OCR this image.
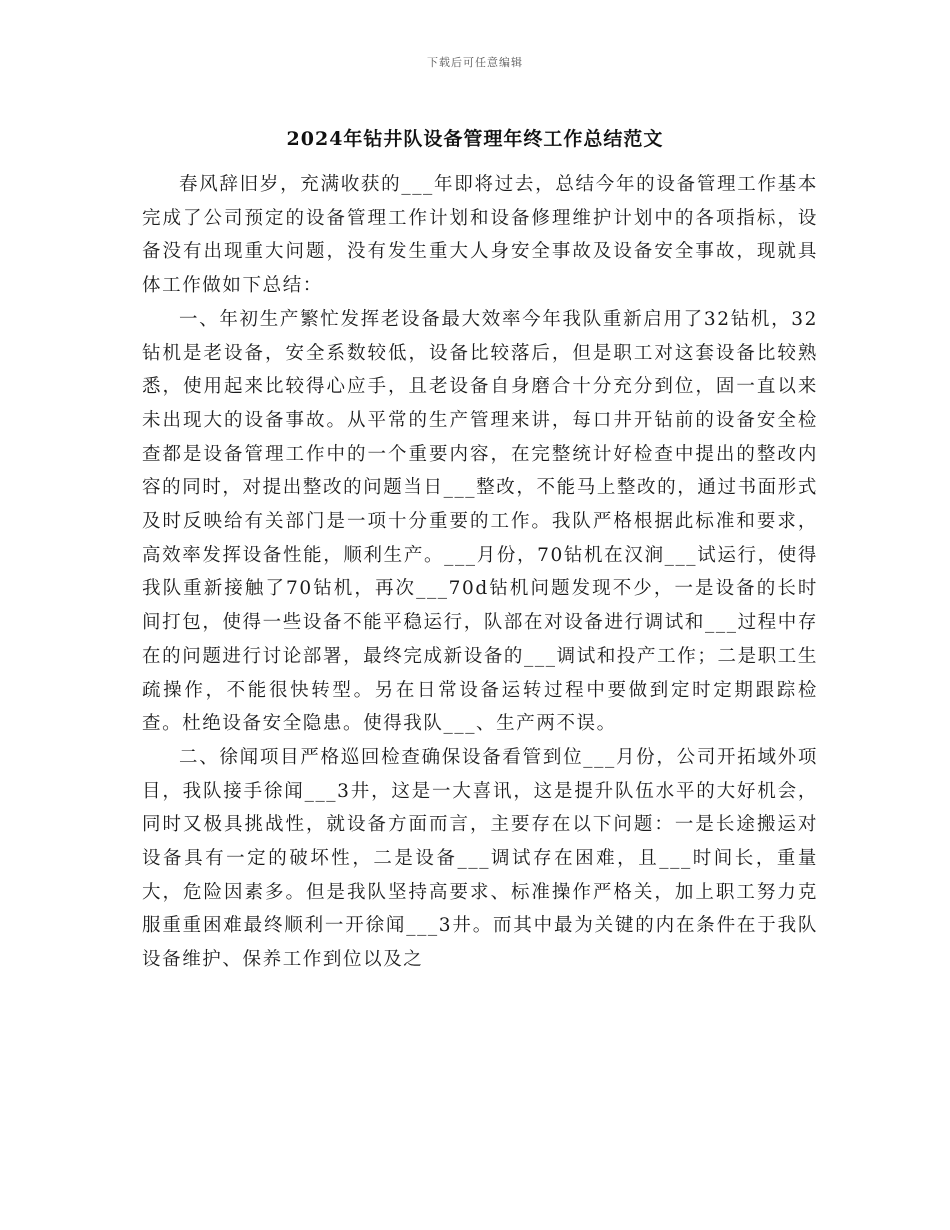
下载后可任意编辑
2024年钻井队设备管理年终工作总结范文

春风辞旧岁，充满收获的___年即将过去，总结今年的设备管理工作基本完成了公司预定的设备管理工作计划和设备修理维护计划中的各项指标，设备没有出现重大问题，没有发生重大人身安全事故及设备安全事故，现就具体工作做如下总结：

一、年初生产繁忙发挥老设备最大效率今年我队重新启用了32钻机，32钻机是老设备，安全系数较低，设备比较落后，但是职工对这套设备比较熟悉，使用起来比较得心应手，且老设备自身磨合十分充分到位，固一直以来未出现大的设备事故。从平常的生产管理来讲，每口井开钻前的设备安全检查都是设备管理工作中的一个重要内容，在完整统计好检查中提出的整改内容的同时，对提出整改的问题当日___整改，不能马上整改的，通过书面形式及时反映给有关部门是一项十分重要的工作。我队严格根据此标准和要求，高效率发挥设备性能，顺利生产。___月份，70钻机在汉涧___试运行，使得我队重新接触了70钻机，再次___70d钻机问题发现不少，一是设备的长时间打包，使得一些设备不能平稳运行，队部在对设备进行调试和___过程中存在的问题进行讨论部署，最终完成新设备的___调试和投产工作；二是职工生疏操作，不能很快转型。另在日常设备运转过程中要做到定时定期跟踪检查。杜绝设备安全隐患。使得我队___、生产两不误。

二、徐闻项目严格巡回检查确保设备看管到位___月份，公司开拓域外项目，我队接手徐闻___3井，这是一大喜讯，这是提升队伍水平的大好机会，同时又极具挑战性，就设备方面而言，主要存在以下问题：一是长途搬运对设备具有一定的破坏性，二是设备___调试存在困难，且___时间长，重量大，危险因素多。但是我队坚持高要求、标准操作严格关，加上职工努力克服重重困难最终顺利一开徐闻___3井。而其中最为关键的内在条件在于我队设备维护、保养工作到位以及之
